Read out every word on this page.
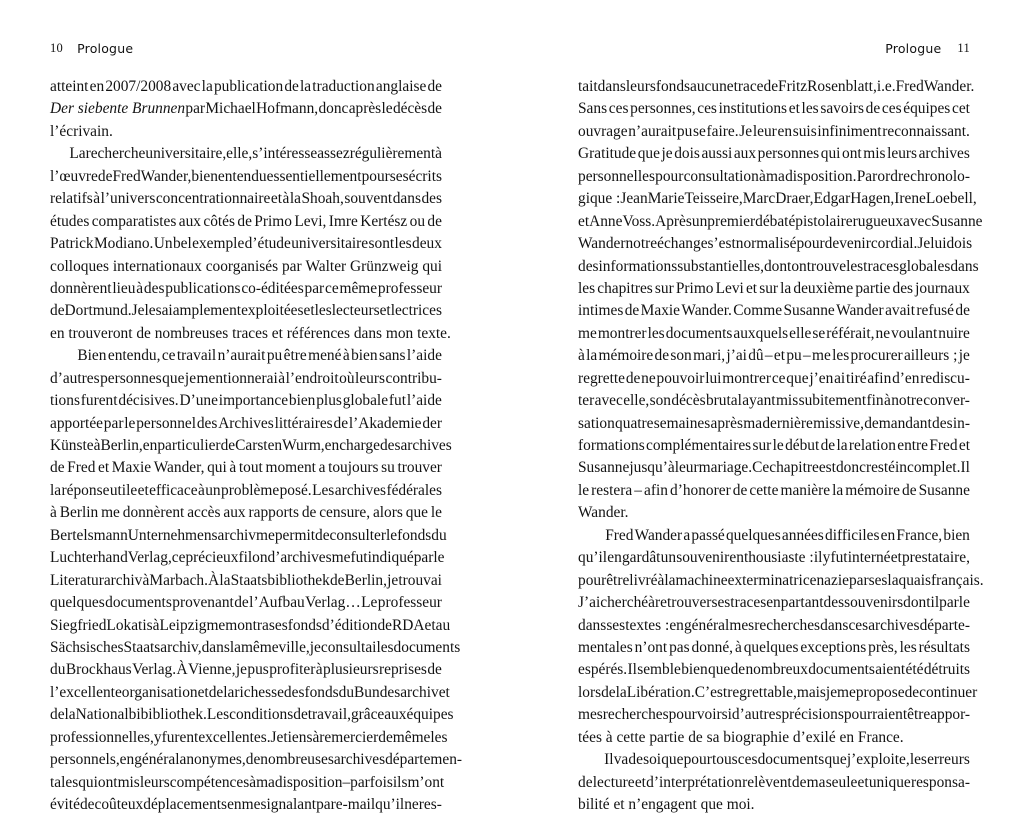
10 Prologue	Prologue 11

atteint en 2007/2008 avec la publication de la traduction anglaise de
Der siebente Brunnen par Michael Hofmann, donc après le décès de
l’écrivain.

La recherche universitaire, elle, s’intéresse assez régulièrement à
l’œuvre de Fred Wander, bien entendu essentiellement pour ses écrits
relatifs à l’univers concentrationnaire et à la Shoah, souvent dans des
études comparatistes aux côtés de Primo Levi, Imre Kertész ou de
Patrick Modiano. Un bel exemple d’étude universitaire sont les deux
colloques internationaux coorganisés par Walter Grünzweig qui
donnèrent lieu à des publications co-éditées par ce même professeur
de Dortmund. Je les ai amplement exploitées et les lecteurs et lectrices
en trouveront de nombreuses traces et références dans mon texte.

Bien entendu, ce travail n’aurait pu être mené à bien sans l’aide
d’autres personnes que je mentionnerai à l’endroit où leurs contribu-
tions furent décisives. D’une importance bien plus globale fut l’aide
apportée par le personnel des Archives littéraires de l’Akademie der
Künste à Berlin, en particulier de Carsten Wurm, en charge des archives
de Fred et Maxie Wander, qui à tout moment a toujours su trouver
la réponse utile et efficace à un problème posé. Les archives fédérales
à Berlin me donnèrent accès aux rapports de censure, alors que le
Bertelsmann Unternehmensarchiv me permit de consulter le fonds du
Luchterhand Verlag, ce précieux filon d’archives me fut indiqué par le
Literaturarchiv à Marbach. À la Staatsbibliothek de Berlin, je trouvai
quelques documents provenant de l’Aufbau Verlag… Le professeur
Siegfried Lokatis à Leipzig me montra ses fonds d’édition de RDA et au
Sächsisches Staatsarchiv, dans la même ville, je consultai les documents
du Brockhaus Verlag. À Vienne, je pus profiter à plusieurs reprises de
l’excellente organisation et de la richesse des fonds du Bundesarchiv et
de la Nationalbibibliothek. Les conditions de travail, grâce aux équipes
professionnelles, y furent excellentes. Je tiens à remercier de même les
personnels, en général anonymes, de nombreuses archives départemen-
tales qui ont mis leurs compétences à ma disposition – parfois ils m’ont
évité de coûteux déplacements en me signalant par e-mail qu’il ne res-

tait dans leurs fonds aucune trace de Fritz Rosenblatt, i.e. Fred Wander.
Sans ces personnes, ces institutions et les savoirs de ces équipes cet
ouvrage n’aurait pu se faire. Je leur en suis infiniment reconnaissant.
Gratitude que je dois aussi aux personnes qui ont mis leurs archives
personnelles pour consultation à ma disposition. Par ordre chronolo-
gique : Jean Marie Teisseire, Marc Draer, Edgar Hagen, Irene Loebell,
et Anne Voss. Après un premier débat épistolaire rugueux avec Susanne
Wander notre échange s’est normalisé pour devenir cordial. Je lui dois
des informations substantielles, dont on trouve les traces globales dans
les chapitres sur Primo Levi et sur la deuxième partie des journaux
intimes de Maxie Wander. Comme Susanne Wander avait refusé de
me montrer les documents auxquels elle se référait, ne voulant nuire
à la mémoire de son mari, j’ai dû – et pu – me les procurer ailleurs ; je
regrette de ne pouvoir lui montrer ce que j’en ai tiré afin d’en rediscu-
ter avec elle, son décès brutal ayant mis subitement fin à notre conver-
sation quatre semaines après ma dernière missive, demandant des in-
formations complémentaires sur le début de la relation entre Fred et
Susanne jusqu’à leur mariage. Ce chapitre est donc resté incomplet. Il
le restera – afin d’honorer de cette manière la mémoire de Susanne
Wander.

Fred Wander a passé quelques années difficiles en France, bien
qu’il en gardât un souvenir enthousiaste : il y fut interné et prestataire,
pour être livré à la machine exterminatrice nazie par ses laquais français.
J’ai cherché à retrouver ses traces en partant des souvenirs dont il parle
dans ses textes : en général mes recherches dans ces archives départe-
mentales n’ont pas donné, à quelques exceptions près, les résultats
espérés. Il semble bien que de nombreux documents aient été détruits
lors de la Libération. C’est regrettable, mais je me propose de continuer
mes recherches pour voir si d’autres précisions pourraient être appor-
tées à cette partie de sa biographie d’exilé en France.

Il va de soi que pour tous ces documents que j’exploite, les erreurs
de lecture et d’interprétation relèvent de ma seule et unique responsa-
bilité et n’engagent que moi.
